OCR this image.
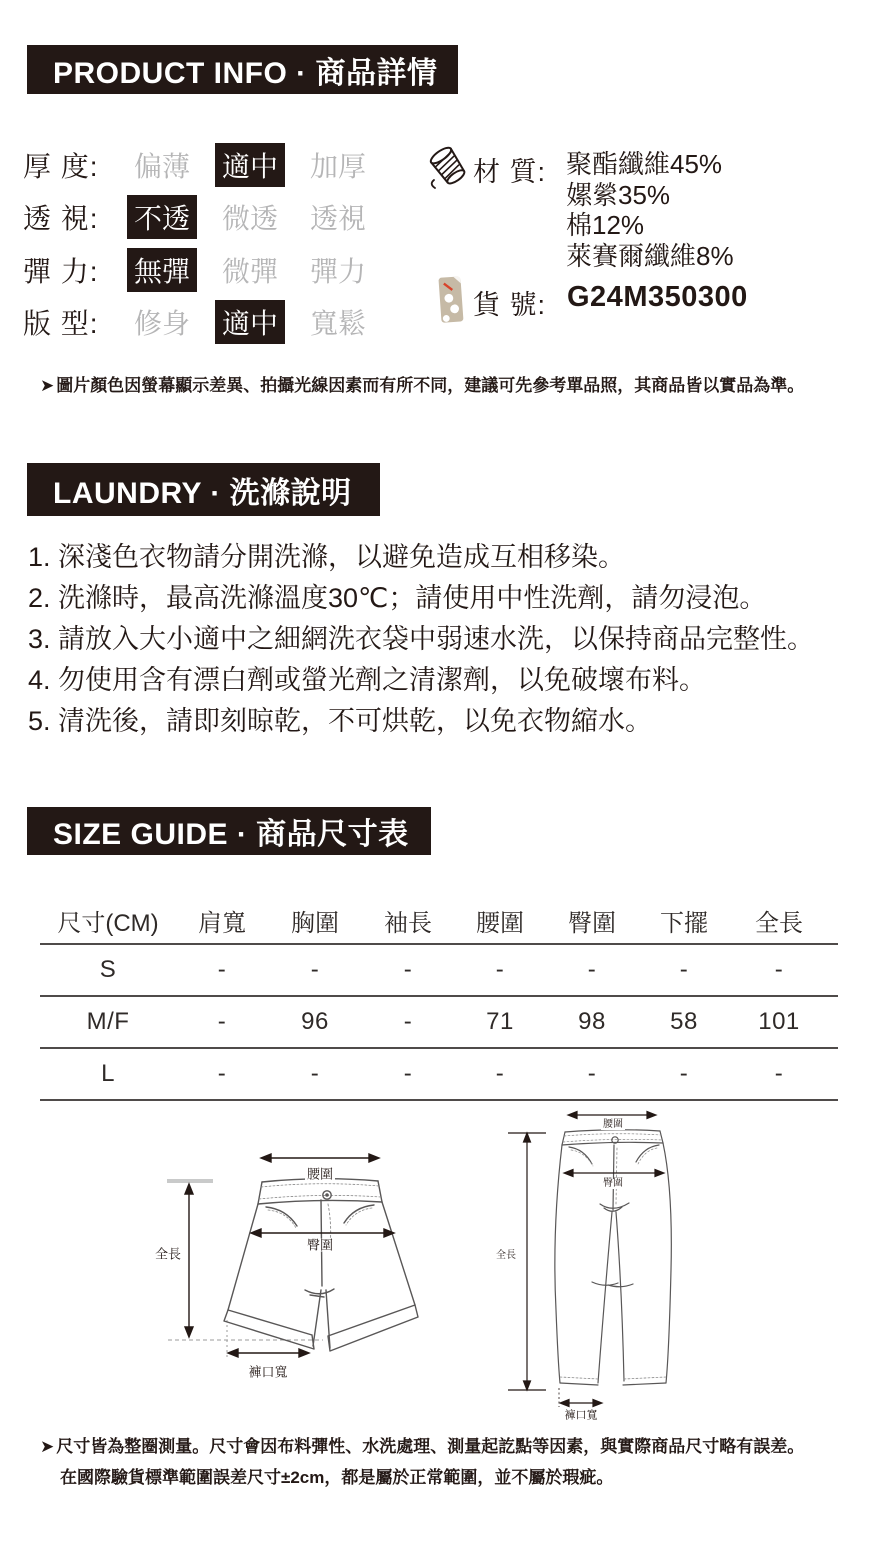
PRODUCT INFO · 商品詳情
厚 度:	偏薄 適中 加厚
透 視:	不透 微透 透視
彈 力:	無彈 微彈 彈力
版 型:	修身 適中 寬鬆
材 質: 聚酯纖維45%
嫘縈35%
棉12%
萊賽爾纖維8%
貨 號: G24M350300
➤ 圖片顏色因螢幕顯示差異、拍攝光線因素而有所不同，建議可先參考單品照，其商品皆以實品為準。
LAUNDRY · 洗滌說明
1. 深淺色衣物請分開洗滌，以避免造成互相移染。
2. 洗滌時，最高洗滌溫度30℃；請使用中性洗劑，請勿浸泡。
3. 請放入大小適中之細網洗衣袋中弱速水洗，以保持商品完整性。
4. 勿使用含有漂白劑或螢光劑之清潔劑，以免破壞布料。
5. 清洗後，請即刻晾乾，不可烘乾，以免衣物縮水。
SIZE GUIDE · 商品尺寸表
尺寸(CM)	肩寬	胸圍	袖長	腰圍	臀圍	下擺	全長
S	-	-	-	-	-	-	-
M/F	-	96	-	71	98	58	101
L	-	-	-	-	-	-	-
腰圍
臀圍
全長
褲口寬
腰圍
臀圍
全長
褲口寬
➤ 尺寸皆為整圈測量。尺寸會因布料彈性、水洗處理、測量起訖點等因素，與實際商品尺寸略有誤差。
在國際驗貨標準範圍誤差尺寸±2cm，都是屬於正常範圍，並不屬於瑕疵。
